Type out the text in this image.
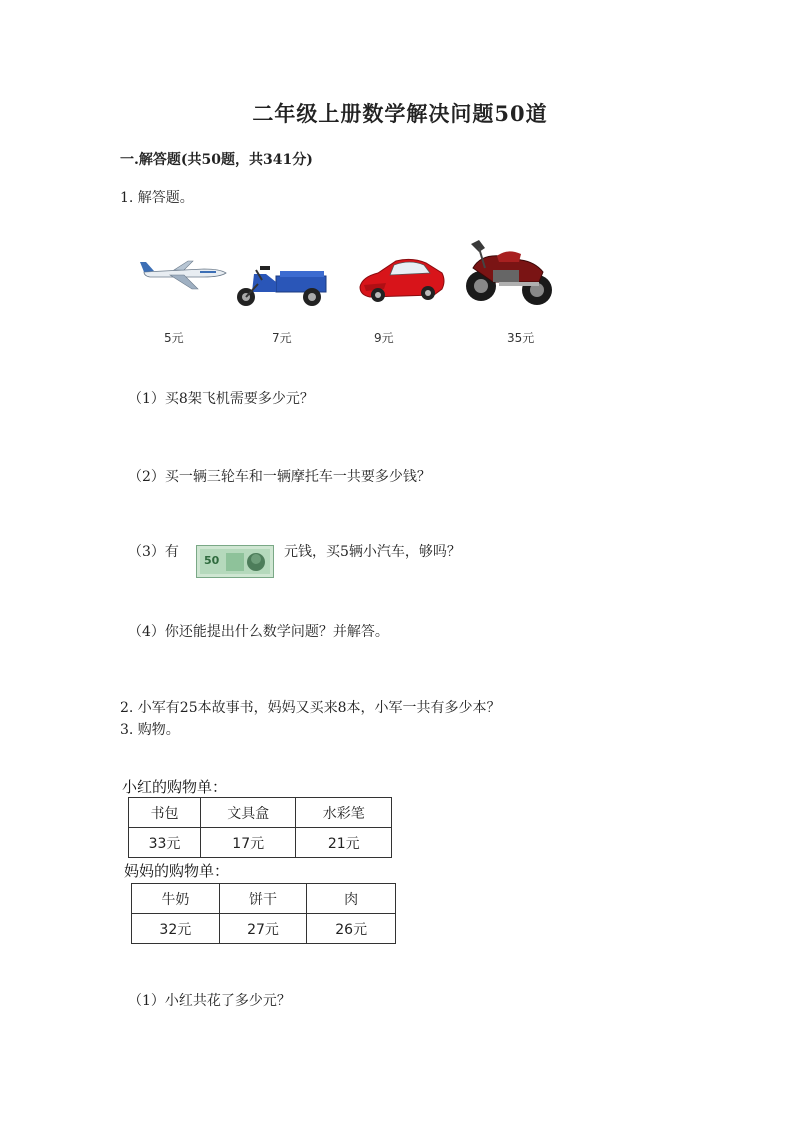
二年级上册数学解决问题50道
一.解答题(共50题，共341分)
1. 解答题。
5元	7元	9元	35元
（1）买8架飞机需要多少元？
（2）买一辆三轮车和一辆摩托车一共要多少钱？
（3）有
50
元钱，买5辆小汽车，够吗？
（4）你还能提出什么数学问题？并解答。
2. 小军有25本故事书，妈妈又买来8本，小军一共有多少本？
3. 购物。
小红的购物单：
书包	文具盒	水彩笔
33元	17元	21元
妈妈的购物单：
牛奶	饼干	肉
32元	27元	26元
（1）小红共花了多少元？
